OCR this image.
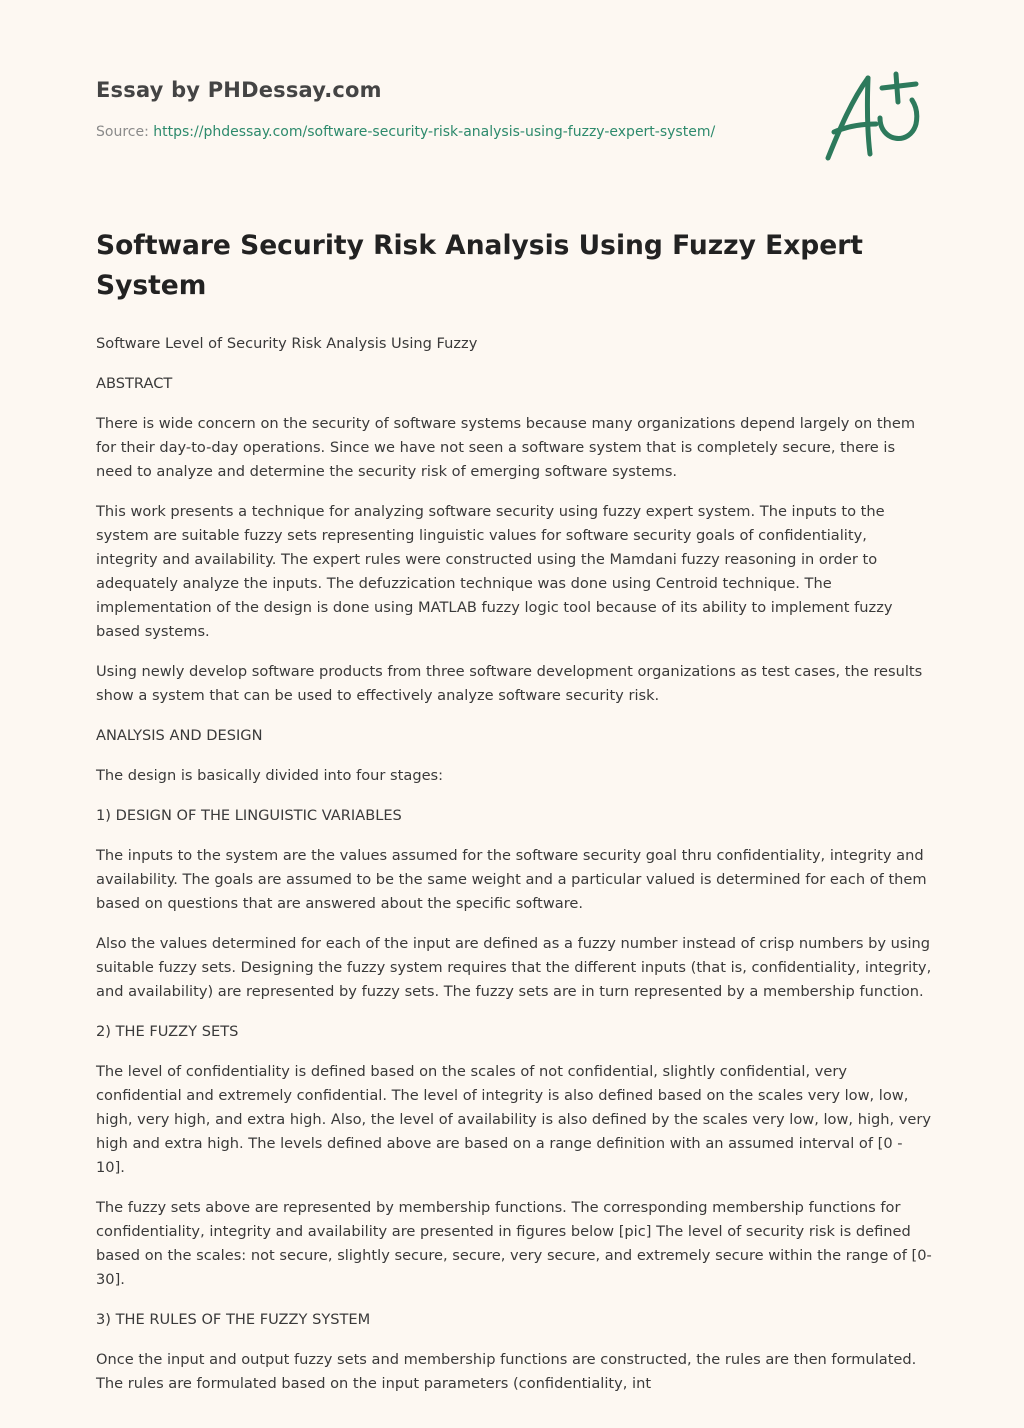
Essay by PHDessay.com
Source: https://phdessay.com/software-security-risk-analysis-using-fuzzy-expert-system/
Software Security Risk Analysis Using Fuzzy Expert System

Software Level of Security Risk Analysis Using Fuzzy

ABSTRACT

There is wide concern on the security of software systems because many organizations depend largely on them for their day-to-day operations. Since we have not seen a software system that is completely secure, there is need to analyze and determine the security risk of emerging software systems.

This work presents a technique for analyzing software security using fuzzy expert system. The inputs to the system are suitable fuzzy sets representing linguistic values for software security goals of confidentiality, integrity and availability. The expert rules were constructed using the Mamdani fuzzy reasoning in order to adequately analyze the inputs. The defuzzication technique was done using Centroid technique. The implementation of the design is done using MATLAB fuzzy logic tool because of its ability to implement fuzzy based systems.

Using newly develop software products from three software development organizations as test cases, the results show a system that can be used to effectively analyze software security risk.

ANALYSIS AND DESIGN

The design is basically divided into four stages:

1) DESIGN OF THE LINGUISTIC VARIABLES

The inputs to the system are the values assumed for the software security goal thru confidentiality, integrity and availability. The goals are assumed to be the same weight and a particular valued is determined for each of them based on questions that are answered about the specific software.

Also the values determined for each of the input are defined as a fuzzy number instead of crisp numbers by using suitable fuzzy sets. Designing the fuzzy system requires that the different inputs (that is, confidentiality, integrity, and availability) are represented by fuzzy sets. The fuzzy sets are in turn represented by a membership function.

2) THE FUZZY SETS

The level of confidentiality is defined based on the scales of not confidential, slightly confidential, very confidential and extremely confidential. The level of integrity is also defined based on the scales very low, low, high, very high, and extra high. Also, the level of availability is also defined by the scales very low, low, high, very high and extra high. The levels defined above are based on a range definition with an assumed interval of [0 - 10].

The fuzzy sets above are represented by membership functions. The corresponding membership functions for confidentiality, integrity and availability are presented in figures below [pic] The level of security risk is defined based on the scales: not secure, slightly secure, secure, very secure, and extremely secure within the range of [0-30].

3) THE RULES OF THE FUZZY SYSTEM

Once the input and output fuzzy sets and membership functions are constructed, the rules are then formulated. The rules are formulated based on the input parameters (confidentiality, int
